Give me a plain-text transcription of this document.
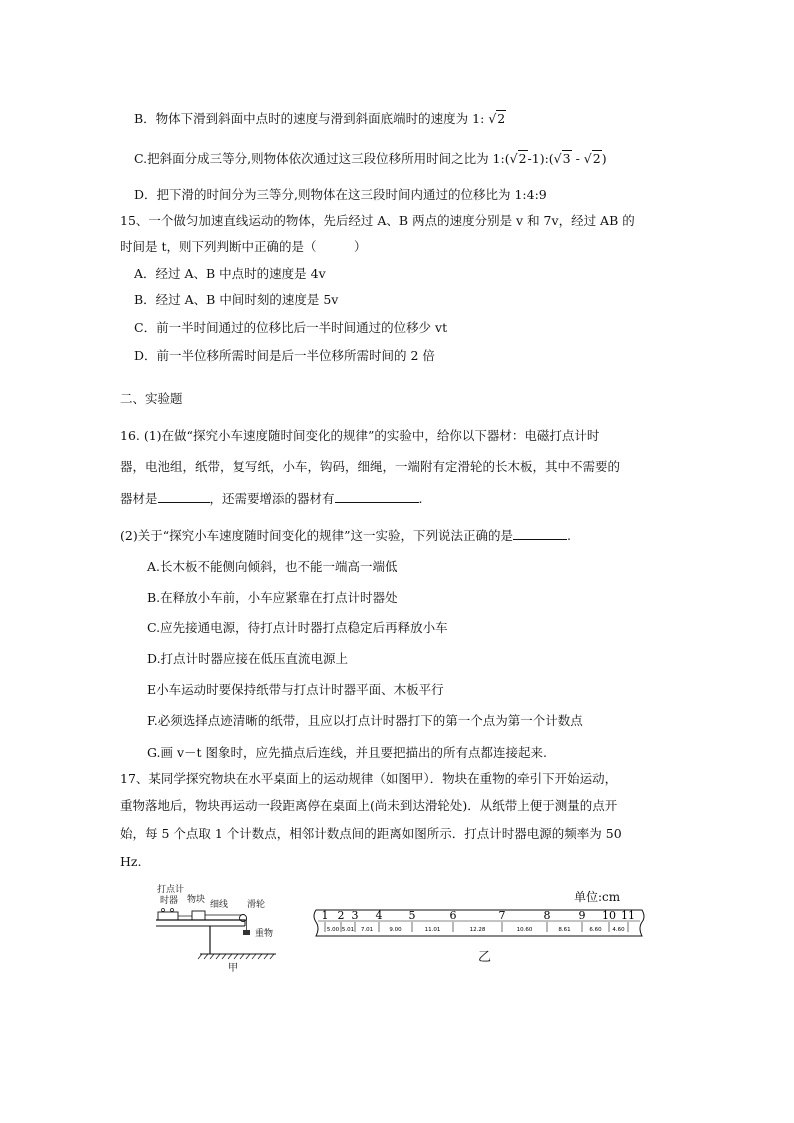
B．物体下滑到斜面中点时的速度与滑到斜面底端时的速度为 1: √2
C.把斜面分成三等分,则物体依次通过这三段位移所用时间之比为 1:(√2-1):(√3 - √2)
D．把下滑的时间分为三等分,则物体在这三段时间内通过的位移比为 1:4:9
15、一个做匀加速直线运动的物体，先后经过 A、B 两点的速度分别是 v 和 7v，经过 AB 的
时间是 t，则下列判断中正确的是（　　　）
A．经过 A、B 中点时的速度是 4v
B．经过 A、B 中间时刻的速度是 5v
C．前一半时间通过的位移比后一半时间通过的位移少 vt
D．前一半位移所需时间是后一半位移所需时间的 2 倍
二、实验题
16. (1)在做“探究小车速度随时间变化的规律”的实验中，给你以下器材：电磁打点计时
器，电池组，纸带，复写纸，小车，钩码，细绳，一端附有定滑轮的长木板，其中不需要的
器材是	，还需要增添的器材有	.
(2)关于“探究小车速度随时间变化的规律”这一实验，下列说法正确的是	.
A.长木板不能侧向倾斜，也不能一端高一端低
B.在释放小车前，小车应紧靠在打点计时器处
C.应先接通电源，待打点计时器打点稳定后再释放小车
D.打点计时器应接在低压直流电源上
E小车运动时要保持纸带与打点计时器平面、木板平行
F.必须选择点迹清晰的纸带，且应以打点计时器打下的第一个点为第一个计数点
G.画 v－t 图象时，应先描点后连线，并且要把描出的所有点都连接起来.
17、某同学探究物块在水平桌面上的运动规律（如图甲）．物块在重物的牵引下开始运动，
重物落地后，物块再运动一段距离停在桌面上(尚未到达滑轮处)．从纸带上便于测量的点开
始，每 5 个点取 1 个计数点，相邻计数点间的距离如图所示．打点计时器电源的频率为 50
Hz.
打点计
时器 物块 细线 滑轮
重物
甲
1 2 3 4 5	6	7	8	9 10 11
5.00 5.01 7.01	9.00	11.01	12.28	10.60	8.61	6.60 4.60
单位:cm
乙
